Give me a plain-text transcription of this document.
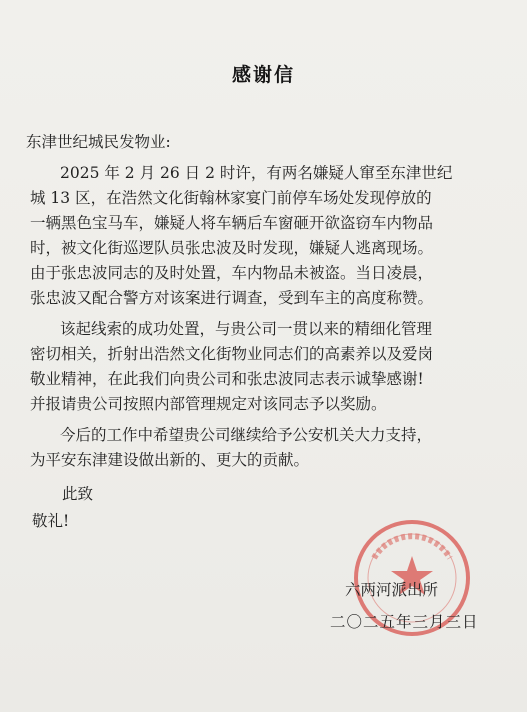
感谢信
东津世纪城民发物业:
2025 年 2 月 26 日 2 时许，有两名嫌疑人窜至东津世纪
城 13 区，在浩然文化街翰林家宴门前停车场处发现停放的
一辆黑色宝马车，嫌疑人将车辆后车窗砸开欲盗窃车内物品
时，被文化街巡逻队员张忠波及时发现，嫌疑人逃离现场。
由于张忠波同志的及时处置，车内物品未被盗。当日凌晨，
张忠波又配合警方对该案进行调查，受到车主的高度称赞。
该起线索的成功处置，与贵公司一贯以来的精细化管理
密切相关，折射出浩然文化街物业同志们的高素养以及爱岗
敬业精神，在此我们向贵公司和张忠波同志表示诚挚感谢!
并报请贵公司按照内部管理规定对该同志予以奖励。
今后的工作中希望贵公司继续给予公安机关大力支持，
为平安东津建设做出新的、更大的贡献。
此致
敬礼!
六两河派出所
二〇二五年三月三日
